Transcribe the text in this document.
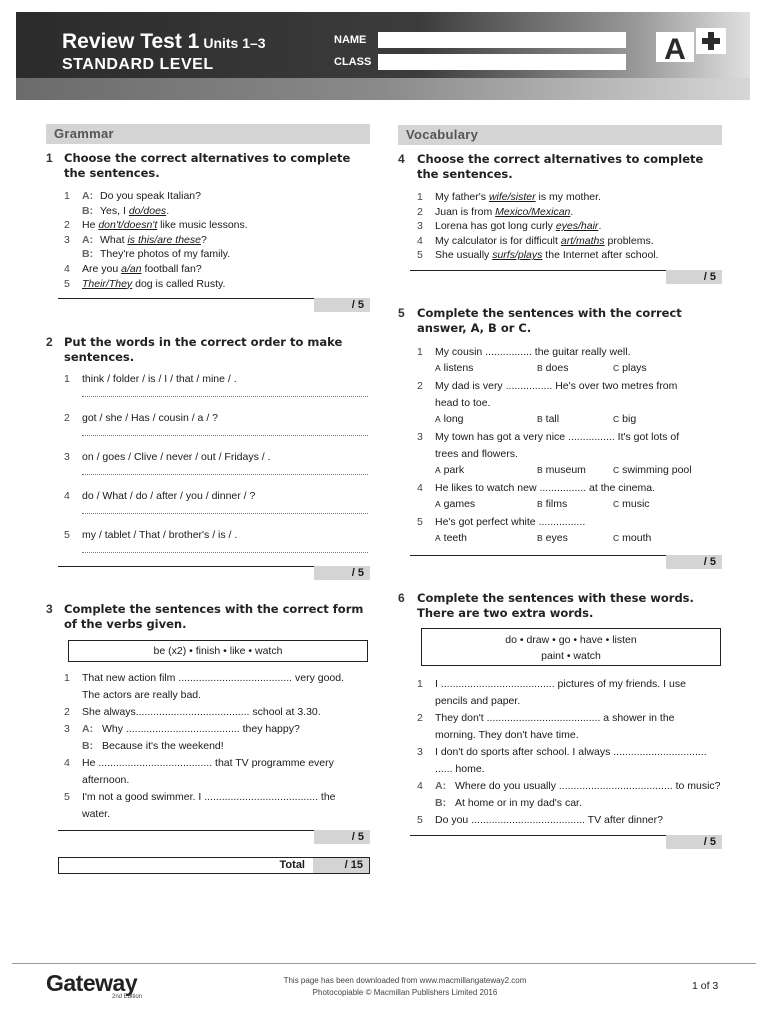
Review Test 1 Units 1–3
STANDARD LEVEL
NAME
CLASS	A
Grammar
1 Choose the correct alternatives to complete the sentences.
1 A: Do you speak Italian?
B: Yes, I do/does.
2 He don't/doesn't like music lessons.
3 A: What is this/are these?
B: They're photos of my family.
4 Are you a/an football fan?
5 Their/They dog is called Rusty.
/ 5
2 Put the words in the correct order to make sentences.
1 think / folder / is / I / that / mine / .
2 got / she / Has / cousin / a / ?
3 on / goes / Clive / never / out / Fridays / .
4 do / What / do / after / you / dinner / ?
5 my / tablet / That / brother's / is / .
/ 5
3 Complete the sentences with the correct form of the verbs given.
be (x2) • finish • like • watch
1 That new action film ....................................... very good.
The actors are really bad.
2 She always....................................... school at 3.30.
3 A: Why ....................................... they happy?
B: Because it's the weekend!
4 He ....................................... that TV programme every
afternoon.
5 I'm not a good swimmer. I ....................................... the
water.
/ 5
Total	/ 15
Vocabulary
4 Choose the correct alternatives to complete the sentences.
1 My father's wife/sister is my mother.
2 Juan is from Mexico/Mexican.
3 Lorena has got long curly eyes/hair.
4 My calculator is for difficult art/maths problems.
5 She usually surfs/plays the Internet after school.
/ 5
5 Complete the sentences with the correct answer, A, B or C.
1 My cousin ................ the guitar really well.
A listens	B does	C plays
2 My dad is very ................ He's over two metres from
head to toe.
A long	B tall	C big
3 My town has got a very nice ................ It's got lots of
trees and flowers.
A park	B museum	C swimming pool
4 He likes to watch new ................ at the cinema.
A games	B films	C music
5 He's got perfect white ................
A teeth	B eyes	C mouth
/ 5
6 Complete the sentences with these words. There are two extra words.
do • draw • go • have • listen
paint • watch
1 I ....................................... pictures of my friends. I use
pencils and paper.
2 They don't ....................................... a shower in the
morning. They don't have time.
3 I don't do sports after school. I always ................................
...... home.
4 A: Where do you usually ....................................... to music?
B: At home or in my dad's car.
5 Do you ....................................... TV after dinner?
/ 5
Gateway
2nd Edition
This page has been downloaded from www.macmillangateway2.com
Photocopiable © Macmillan Publishers Limited 2016
1 of 3
